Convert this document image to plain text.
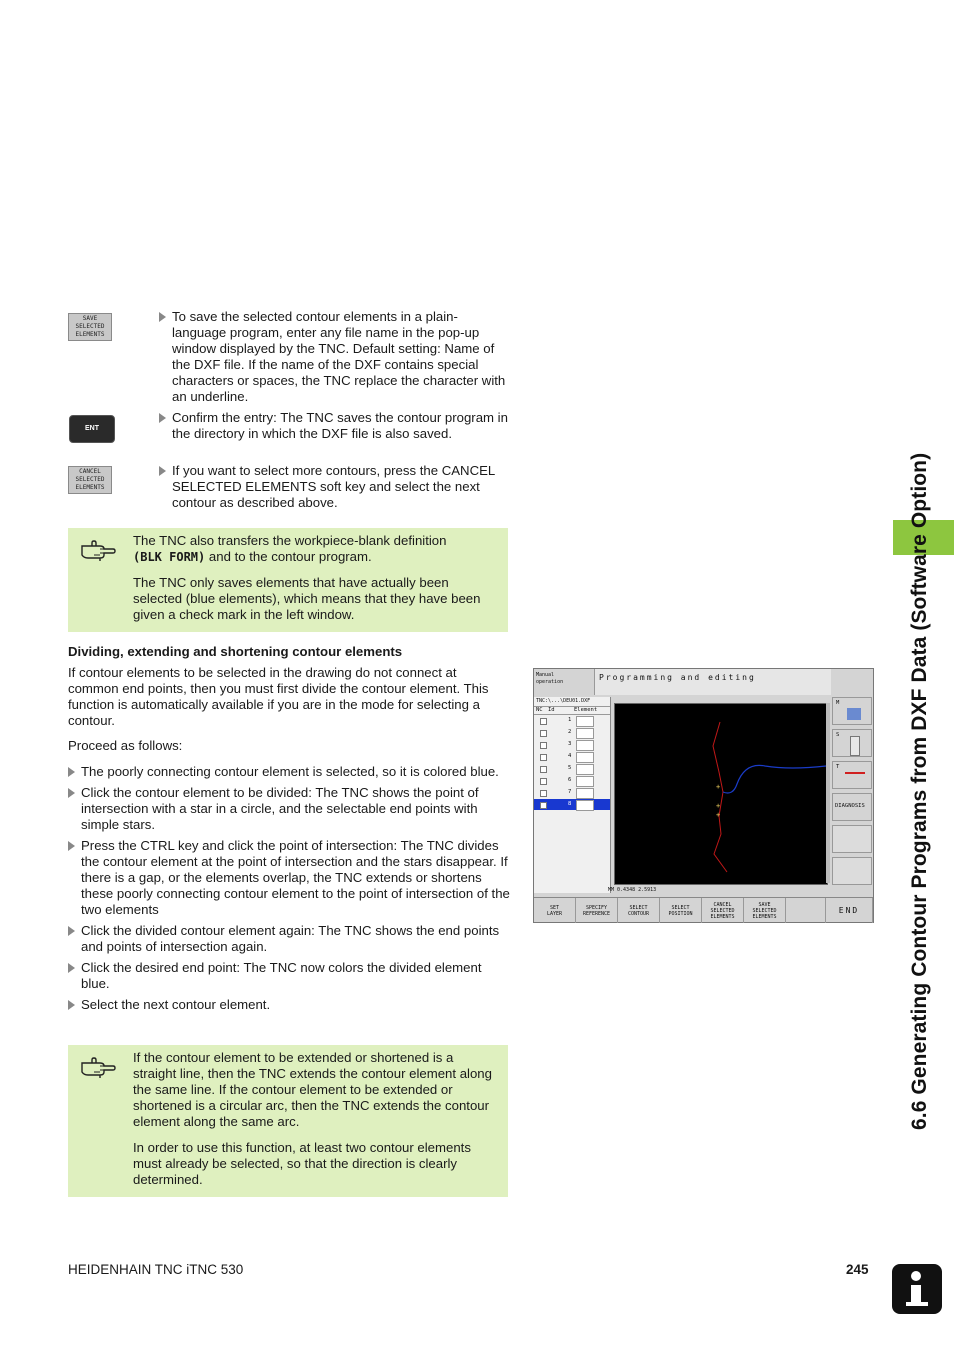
6.6 Generating Contour Programs from DXF Data (Software Option)
SAVE
SELECTED
ELEMENTS
ENT
CANCEL
SELECTED
ELEMENTS
To save the selected contour elements in a plain-language program, enter any file name in the pop-up window displayed by the TNC. Default setting: Name of the DXF file. If the name of the DXF contains special characters or spaces, the TNC replace the character with an underline.
Confirm the entry: The TNC saves the contour program in the directory in which the DXF file is also saved.
If you want to select more contours, press the CANCEL SELECTED ELEMENTS soft key and select the next contour as described above.

The TNC also transfers the workpiece-blank definition
(BLK FORM) and to the contour program.

The TNC only saves elements that have actually been selected (blue elements), which means that they have been given a check mark in the left window.

Dividing, extending and shortening contour elements
If contour elements to be selected in the drawing do not connect at common end points, then you must first divide the contour element. This function is automatically available if you are in the mode for selecting a contour.
Proceed as follows:

The poorly connecting contour element is selected, so it is colored blue.

Click the contour element to be divided: The TNC shows the point of intersection with a star in a circle, and the selectable end points with simple stars.

Press the CTRL key and click the point of intersection: The TNC divides the contour element at the point of intersection and the stars disappear. If there is a gap, or the elements overlap, the TNC extends or shortens these poorly connecting contour element to the point of intersection of the two elements

Click the divided contour element again: The TNC shows the end points and points of intersection again.

Click the desired end point: The TNC now colors the divided element blue.

Select the next contour element.

If the contour element to be extended or shortened is a straight line, then the TNC extends the contour element along the same line. If the contour element to be extended or shortened is a circular arc, then the TNC extends the contour element along the same arc.

In order to use this function, at least two contour elements must already be selected, so that the direction is clearly determined.

Manual
operation	Programming and editing
TNC:\...\DEU01.DXF
NC Id	Element
1
2
3
4
5
6
7
8
+
+
+
MM 0.4348 2.5913
M
S
T
DIAGNOSIS
SET
LAYER
SPECIFY
REFERENCE
SELECT
CONTOUR
SELECT
POSITION
CANCEL
SELECTED
ELEMENTS
SAVE
SELECTED
ELEMENTS
END
HEIDENHAIN TNC iTNC 530	245
